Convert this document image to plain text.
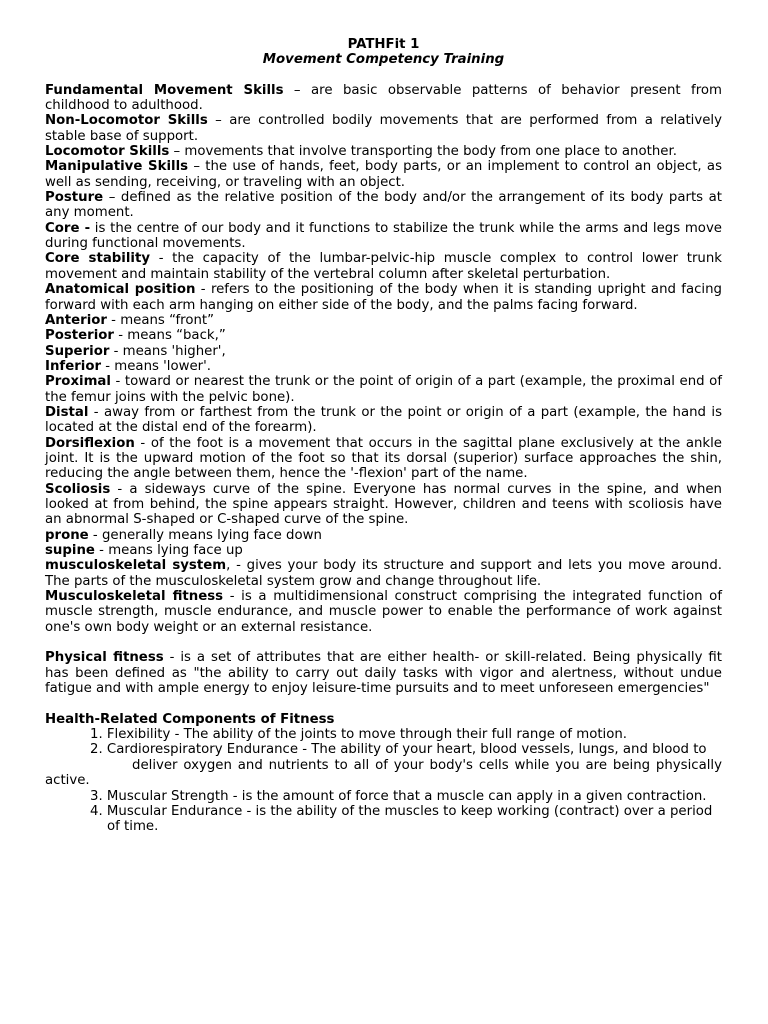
PATHFit 1
Movement Competency Training

Fundamental Movement Skills – are basic observable patterns of behavior present from childhood to adulthood.

Non-Locomotor Skills – are controlled bodily movements that are performed from a relatively stable base of support.

Locomotor Skills – movements that involve transporting the body from one place to another.

Manipulative Skills – the use of hands, feet, body parts, or an implement to control an object, as well as sending, receiving, or traveling with an object.

Posture – defined as the relative position of the body and/or the arrangement of its body parts at any moment.

Core - is the centre of our body and it functions to stabilize the trunk while the arms and legs move during functional movements.

Core stability - the capacity of the lumbar-pelvic-hip muscle complex to control lower trunk movement and maintain stability of the vertebral column after skeletal perturbation.

Anatomical position - refers to the positioning of the body when it is standing upright and facing forward with each arm hanging on either side of the body, and the palms facing forward.

Anterior - means “front”

Posterior - means “back,”

Superior - means 'higher',

Inferior - means 'lower'.

Proximal - toward or nearest the trunk or the point of origin of a part (example, the proximal end of the femur joins with the pelvic bone).

Distal - away from or farthest from the trunk or the point or origin of a part (example, the hand is located at the distal end of the forearm).

Dorsiflexion - of the foot is a movement that occurs in the sagittal plane exclusively at the ankle joint. It is the upward motion of the foot so that its dorsal (superior) surface approaches the shin, reducing the angle between them, hence the '-flexion' part of the name.

Scoliosis - a sideways curve of the spine. Everyone has normal curves in the spine, and when looked at from behind, the spine appears straight. However, children and teens with scoliosis have an abnormal S-shaped or C-shaped curve of the spine.

prone - generally means lying face down

supine - means lying face up

musculoskeletal system, - gives your body its structure and support and lets you move around. The parts of the musculoskeletal system grow and change throughout life.

Musculoskeletal fitness - is a multidimensional construct comprising the integrated function of muscle strength, muscle endurance, and muscle power to enable the performance of work against one's own body weight or an external resistance.

Physical fitness - is a set of attributes that are either health- or skill-related. Being physically fit has been defined as "the ability to carry out daily tasks with vigor and alertness, without undue fatigue and with ample energy to enjoy leisure-time pursuits and to meet unforeseen emergencies"

Health-Related Components of Fitness

1. Flexibility - The ability of the joints to move through their full range of motion.

2. Cardiorespiratory Endurance - The ability of your heart, blood vessels, lungs, and blood to

deliver oxygen and nutrients to all of your body's cells while you are being physically active.

3. Muscular Strength - is the amount of force that a muscle can apply in a given contraction.

4. Muscular Endurance - is the ability of the muscles to keep working (contract) over a period

of time.
